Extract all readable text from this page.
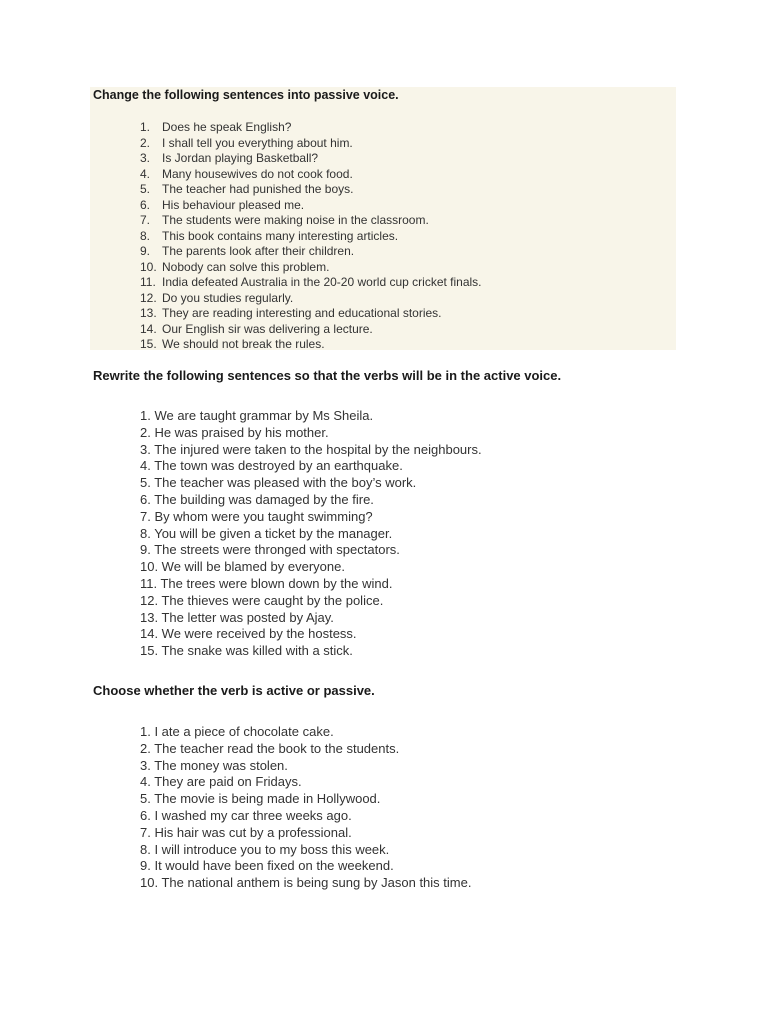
Change the following sentences into passive voice.

1. Does he speak English?
2. I shall tell you everything about him.
3. Is Jordan playing Basketball?
4. Many housewives do not cook food.
5. The teacher had punished the boys.
6. His behaviour pleased me.
7. The students were making noise in the classroom.
8. This book contains many interesting articles.
9. The parents look after their children.
10. Nobody can solve this problem.
11. India defeated Australia in the 20-20 world cup cricket finals.
12. Do you studies regularly.
13. They are reading interesting and educational stories.
14. Our English sir was delivering a lecture.
15. We should not break the rules.

Rewrite the following sentences so that the verbs will be in the active voice.

1. We are taught grammar by Ms Sheila.
2. He was praised by his mother.
3. The injured were taken to the hospital by the neighbours.
4. The town was destroyed by an earthquake.
5. The teacher was pleased with the boy’s work.
6. The building was damaged by the fire.
7. By whom were you taught swimming?
8. You will be given a ticket by the manager.
9. The streets were thronged with spectators.
10. We will be blamed by everyone.
11. The trees were blown down by the wind.
12. The thieves were caught by the police.
13. The letter was posted by Ajay.
14. We were received by the hostess.
15. The snake was killed with a stick.

Choose whether the verb is active or passive.

1. I ate a piece of chocolate cake.
2. The teacher read the book to the students.
3. The money was stolen.
4. They are paid on Fridays.
5. The movie is being made in Hollywood.
6. I washed my car three weeks ago.
7. His hair was cut by a professional.
8. I will introduce you to my boss this week.
9. It would have been fixed on the weekend.
10. The national anthem is being sung by Jason this time.
